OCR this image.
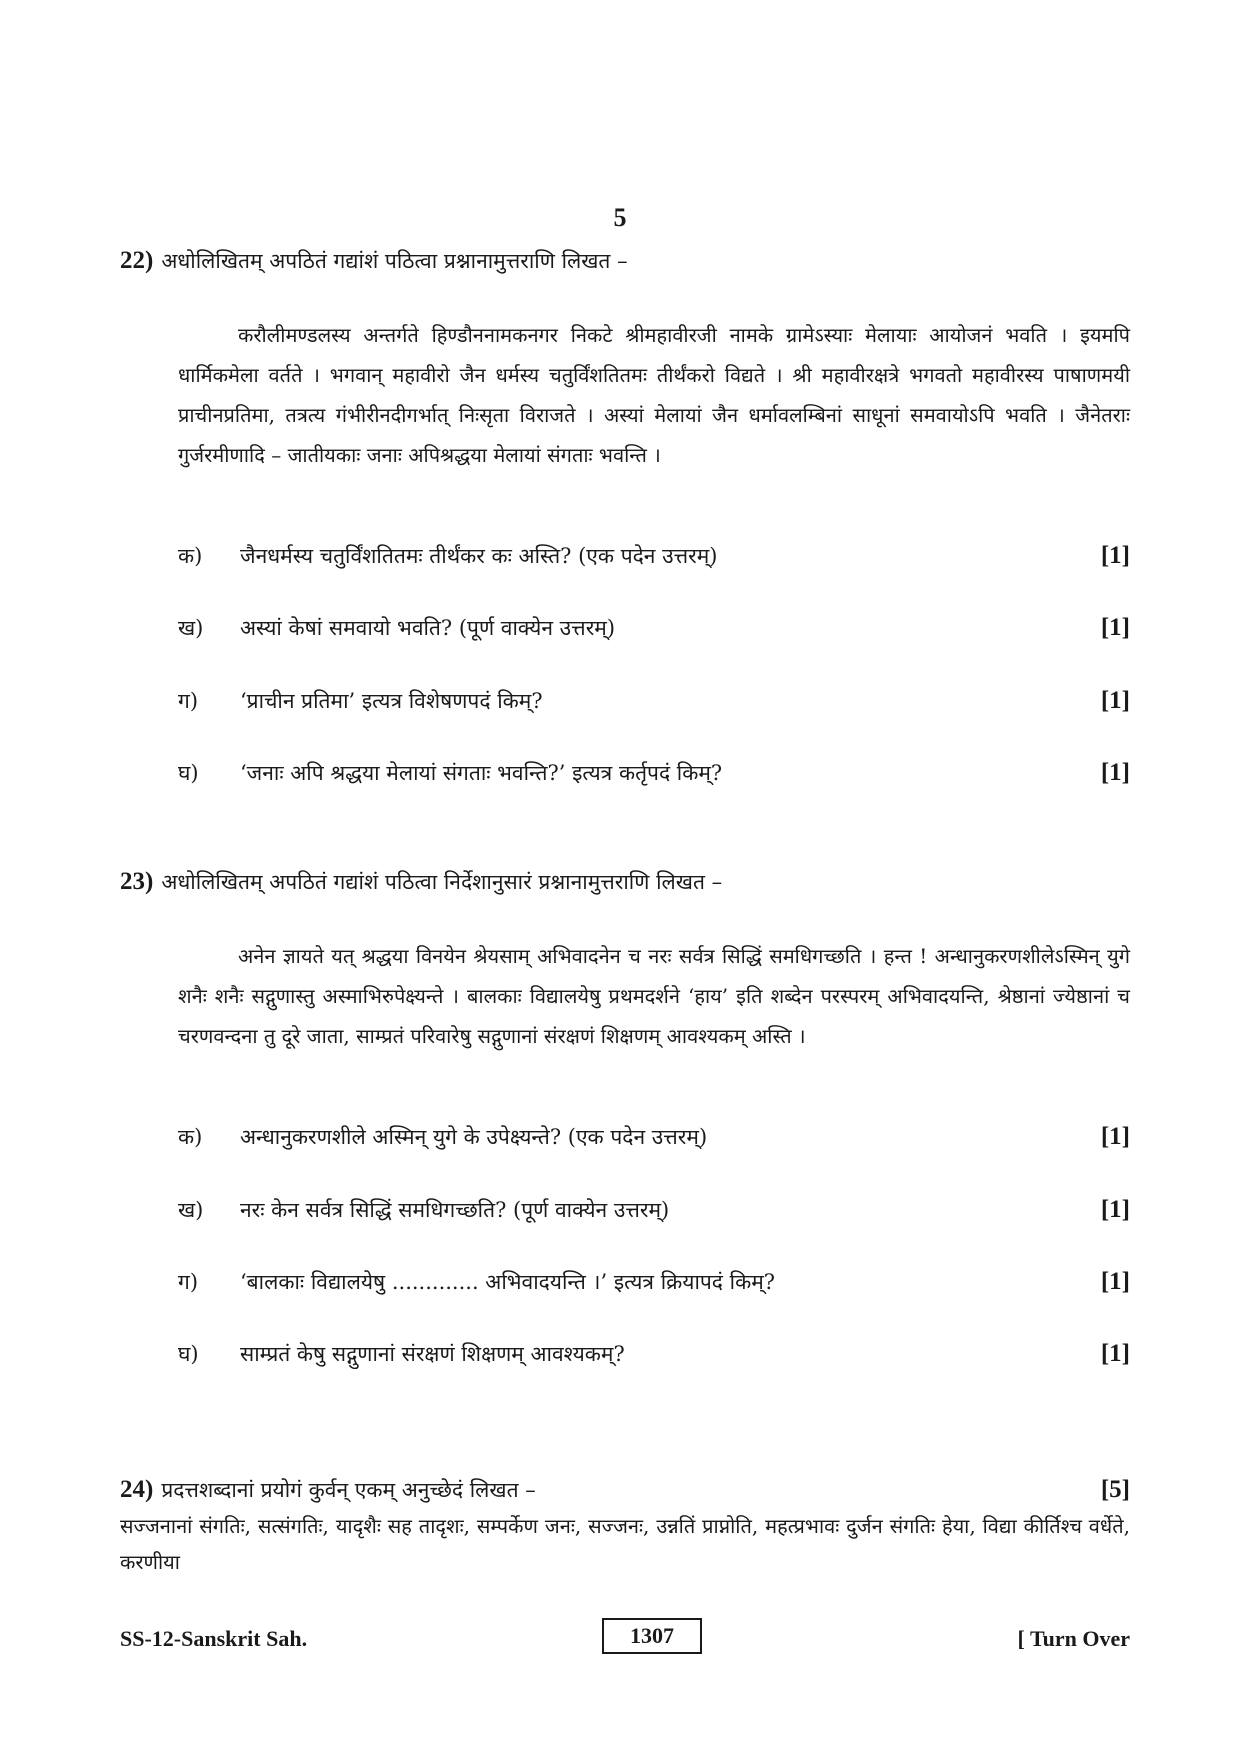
5
22) अधोलिखितम् अपठितं गद्यांशं पठित्वा प्रश्नानामुत्तराणि लिखत –
करौलीमण्डलस्य अन्तर्गते हिण्डौननामकनगर निकटे श्रीमहावीरजी नामके ग्रामेऽस्याः मेलायाः आयोजनं भवति । इयमपि धार्मिकमेला वर्तते । भगवान् महावीरो जैन धर्मस्य चतुर्विंशतितमः तीर्थंकरो विद्यते । श्री महावीरक्षत्रे भगवतो महावीरस्य पाषाणमयी प्राचीनप्रतिमा, तत्रत्य गंभीरीनदीगर्भात् निःसृता विराजते । अस्यां मेलायां जैन धर्मावलम्बिनां साधूनां समवायोऽपि भवति । जैनेतराः गुर्जरमीणादि – जातीयकाः जनाः अपिश्रद्धया मेलायां संगताः भवन्ति ।
क)	जैनधर्मस्य चतुर्विंशतितमः तीर्थंकर कः अस्ति? (एक पदेन उत्तरम्)	[1]
ख)	अस्यां केषां समवायो भवति? (पूर्ण वाक्येन उत्तरम्)	[1]
ग)	‘प्राचीन प्रतिमा’ इत्यत्र विशेषणपदं किम्?	[1]
घ)	‘जनाः अपि श्रद्धया मेलायां संगताः भवन्ति?’ इत्यत्र कर्तृपदं किम्?	[1]
23) अधोलिखितम् अपठितं गद्यांशं पठित्वा निर्देशानुसारं प्रश्नानामुत्तराणि लिखत –
अनेन ज्ञायते यत् श्रद्धया विनयेन श्रेयसाम् अभिवादनेन च नरः सर्वत्र सिद्धिं समधिगच्छति । हन्त ! अन्धानुकरणशीलेऽस्मिन् युगे शनैः शनैः सद्गुणास्तु अस्माभिरुपेक्ष्यन्ते । बालकाः विद्यालयेषु प्रथमदर्शने ‘हाय’ इति शब्देन परस्परम् अभिवादयन्ति, श्रेष्ठानां ज्येष्ठानां च चरणवन्दना तु दूरे जाता, साम्प्रतं परिवारेषु सद्गुणानां संरक्षणं शिक्षणम् आवश्यकम् अस्ति ।
क)	अन्धानुकरणशीले अस्मिन् युगे के उपेक्ष्यन्ते? (एक पदेन उत्तरम्)	[1]
ख)	नरः केन सर्वत्र सिद्धिं समधिगच्छति? (पूर्ण वाक्येन उत्तरम्)	[1]
ग)	‘बालकाः विद्यालयेषु ............. अभिवादयन्ति ।’ इत्यत्र क्रियापदं किम्?	[1]
घ)	साम्प्रतं केषु सद्गुणानां संरक्षणं शिक्षणम् आवश्यकम्?	[1]
24) प्रदत्तशब्दानां प्रयोगं कुर्वन् एकम् अनुच्छेदं लिखत –	[5]
सज्जनानां संगतिः, सत्संगतिः, यादृशैः सह तादृशः, सम्पर्केण जनः, सज्जनः, उन्नतिं प्राप्नोति, महत्प्रभावः दुर्जन संगतिः हेया, विद्या कीर्तिश्च वर्धेते, करणीया
SS-12-Sanskrit Sah.	1307	[ Turn Over
